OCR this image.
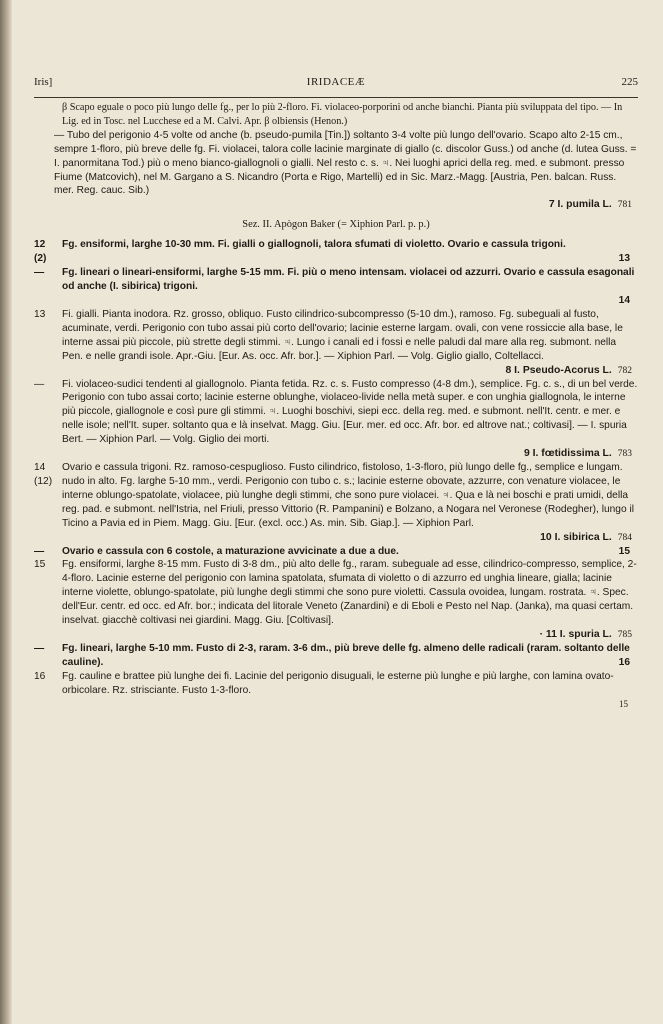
Iris]	IRIDACEÆ	225

β Scapo eguale o poco più lungo delle fg., per lo più 2-floro. Fi. violaceo-porporini od anche bianchi. Pianta più sviluppata del tipo. — In Lig. ed in Tosc. nel Lucchese ed a M. Calvi. Apr. β olbiensis (Henon.)

— Tubo del perigonio 4-5 volte od anche (b. pseudo-pumila [Tin.]) soltanto 3-4 volte più lungo dell'ovario. Scapo alto 2-15 cm., sempre 1-floro, più breve delle fg. Fi. violacei, talora colle lacinie marginate di giallo (c. discolor Guss.) od anche (d. lutea Guss. = I. panormitana Tod.) più o meno bianco-giallognoli o gialli. Nel resto c. s. ♃. Nei luoghi aprici della reg. med. e submont. presso Fiume (Matcovich), nel M. Gargano a S. Nicandro (Porta e Rigo, Martelli) ed in Sic. Marz.-Magg. [Austria, Pen. balcan. Russ. mer. Reg. cauc. Sib.)

7 I. pumila L. 781
Sez. II. Apògon Baker (= Xiphion Parl. p. p.)
12 (2)
Fg. ensiformi, larghe 10-30 mm. Fi. gialli o giallognoli, talora sfumati di violetto. Ovario e cassula trigoni.
13
—	Fg. lineari o lineari-ensiformi, larghe 5-15 mm. Fi. più o meno intensam. violacei od azzurri. Ovario e cassula esagonali od anche (I. sibirica) trigoni.
14
13	Fi. gialli. Pianta inodora. Rz. grosso, obliquo. Fusto cilindrico-subcompresso (5-10 dm.), ramoso. Fg. subeguali al fusto, acuminate, verdi. Perigonio con tubo assai più corto dell'ovario; lacinie esterne largam. ovali, con vene rossiccie alla base, le interne assai più piccole, più strette degli stimmi. ♃. Lungo i canali ed i fossi e nelle paludi dal mare alla reg. submont. nella Pen. e nelle grandi isole. Apr.-Giu. [Eur. As. occ. Afr. bor.]. — Xiphion Parl. — Volg. Giglio giallo, Coltellacci.
8 I. Pseudo-Acorus L. 782
—	Fi. violaceo-sudici tendenti al giallognolo. Pianta fetida. Rz. c. s. Fusto compresso (4-8 dm.), semplice. Fg. c. s., di un bel verde. Perigonio con tubo assai corto; lacinie esterne oblunghe, violaceo-livide nella metà super. e con unghia giallognola, le interne più piccole, giallognole e così pure gli stimmi. ♃. Luoghi boschivi, siepi ecc. della reg. med. e submont. nell'It. centr. e mer. e nelle isole; nell'It. super. soltanto qua e là inselvat. Magg. Giu. [Eur. mer. ed occ. Afr. bor. ed altrove nat.; coltivasi]. — I. spuria Bert. — Xiphion Parl. — Volg. Giglio dei morti.
9 I. fœtidissima L. 783
14 (12)
Ovario e cassula trigoni. Rz. ramoso-cespuglioso. Fusto cilindrico, fistoloso, 1-3-floro, più lungo delle fg., semplice e lungam. nudo in alto. Fg. larghe 5-10 mm., verdi. Perigonio con tubo c. s.; lacinie esterne obovate, azzurre, con venature violacee, le interne oblungo-spatolate, violacee, più lunghe degli stimmi, che sono pure violacei. ♃. Qua e là nei boschi e prati umidi, della reg. pad. e submont. nell'Istria, nel Friuli, presso Vittorio (R. Pampanini) e Bolzano, a Nogara nel Veronese (Rodegher), lungo il Ticino a Pavia ed in Piem. Magg. Giu. [Eur. (excl. occ.) As. min. Sib. Giap.]. — Xiphion Parl.
10 I. sibirica L. 784
—	Ovario e cassula con 6 costole, a maturazione avvicinate a due a due.	15
15	Fg. ensiformi, larghe 8-15 mm. Fusto di 3-8 dm., più alto delle fg., raram. subeguale ad esse, cilindrico-compresso, semplice, 2-4-floro. Lacinie esterne del perigonio con lamina spatolata, sfumata di violetto o di azzurro ed unghia lineare, gialla; lacinie interne violette, oblungo-spatolate, più lunghe degli stimmi che sono pure violetti. Cassula ovoidea, lungam. rostrata. ♃. Spec. dell'Eur. centr. ed occ. ed Afr. bor.; indicata del litorale Veneto (Zanardini) e di Eboli e Pesto nel Nap. (Janka), ma quasi certam. inselvat. giacchè coltivasi nei giardini. Magg. Giu. [Coltivasi].
· 11 I. spuria L. 785
—	Fg. lineari, larghe 5-10 mm. Fusto di 2-3, raram. 3-6 dm., più breve delle fg. almeno delle radicali (raram. soltanto delle cauline).	16
16	Fg. cauline e brattee più lunghe dei fi. Lacinie del perigonio disuguali, le esterne più lunghe e più larghe, con lamina ovato-orbicolare. Rz. strisciante. Fusto 1-3-floro.
15
